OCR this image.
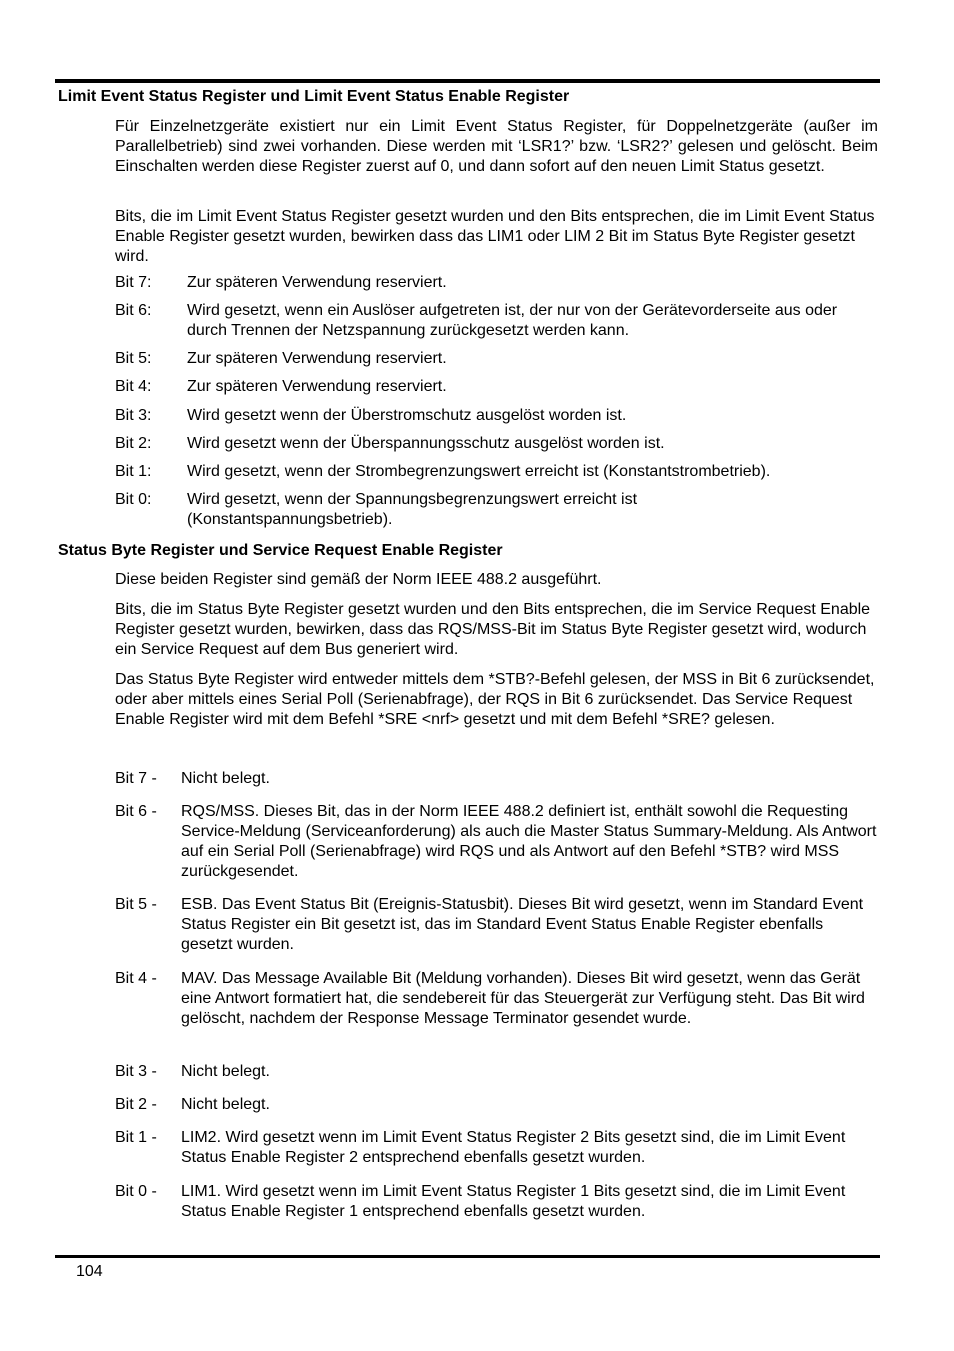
Limit Event Status Register und Limit Event Status Enable Register
Für Einzelnetzgeräte existiert nur ein Limit Event Status Register, für Doppelnetzgeräte (außer im Parallelbetrieb) sind zwei vorhanden. Diese werden mit ‘LSR1?’ bzw. ‘LSR2?’ gelesen und gelöscht. Beim Einschalten werden diese Register zuerst auf 0, und dann sofort auf den neuen Limit Status gesetzt.
Bits, die im Limit Event Status Register gesetzt wurden und den Bits entsprechen, die im Limit Event Status Enable Register gesetzt wurden, bewirken dass das LIM1 oder LIM 2 Bit im Status Byte Register gesetzt wird.
Bit 7: Zur späteren Verwendung reserviert.
Bit 6: Wird gesetzt, wenn ein Auslöser aufgetreten ist, der nur von der Gerätevorderseite aus oder durch Trennen der Netzspannung zurückgesetzt werden kann.
Bit 5: Zur späteren Verwendung reserviert.
Bit 4: Zur späteren Verwendung reserviert.
Bit 3: Wird gesetzt wenn der Überstromschutz ausgelöst worden ist.
Bit 2: Wird gesetzt wenn der Überspannungsschutz ausgelöst worden ist.
Bit 1: Wird gesetzt, wenn der Strombegrenzungswert erreicht ist (Konstantstrombetrieb).
Bit 0: Wird gesetzt, wenn der Spannungsbegrenzungswert erreicht ist (Konstantspannungsbetrieb).
Status Byte Register und Service Request Enable Register
Diese beiden Register sind gemäß der Norm IEEE 488.2 ausgeführt.
Bits, die im Status Byte Register gesetzt wurden und den Bits entsprechen, die im Service Request Enable Register gesetzt wurden, bewirken, dass das RQS/MSS-Bit im Status Byte Register gesetzt wird, wodurch ein Service Request auf dem Bus generiert wird.
Das Status Byte Register wird entweder mittels dem *STB?-Befehl gelesen, der MSS in Bit 6 zurücksendet, oder aber mittels eines Serial Poll (Serienabfrage), der RQS in Bit 6 zurücksendet. Das Service Request Enable Register wird mit dem Befehl *SRE <nrf> gesetzt und mit dem Befehl *SRE? gelesen.
Bit 7 - Nicht belegt.
Bit 6 - RQS/MSS. Dieses Bit, das in der Norm IEEE 488.2 definiert ist, enthält sowohl die Requesting Service-Meldung (Serviceanforderung) als auch die Master Status Summary-Meldung. Als Antwort auf ein Serial Poll (Serienabfrage) wird RQS und als Antwort auf den Befehl *STB? wird MSS zurückgesendet.
Bit 5 - ESB. Das Event Status Bit (Ereignis-Statusbit). Dieses Bit wird gesetzt, wenn im Standard Event Status Register ein Bit gesetzt ist, das im Standard Event Status Enable Register ebenfalls gesetzt wurden.
Bit 4 - MAV. Das Message Available Bit (Meldung vorhanden). Dieses Bit wird gesetzt, wenn das Gerät eine Antwort formatiert hat, die sendebereit für das Steuergerät zur Verfügung steht. Das Bit wird gelöscht, nachdem der Response Message Terminator gesendet wurde.
Bit 3 - Nicht belegt.
Bit 2 - Nicht belegt.
Bit 1 - LIM2. Wird gesetzt wenn im Limit Event Status Register 2 Bits gesetzt sind, die im Limit Event Status Enable Register 2 entsprechend ebenfalls gesetzt wurden.
Bit 0 - LIM1. Wird gesetzt wenn im Limit Event Status Register 1 Bits gesetzt sind, die im Limit Event Status Enable Register 1 entsprechend ebenfalls gesetzt wurden.
104
